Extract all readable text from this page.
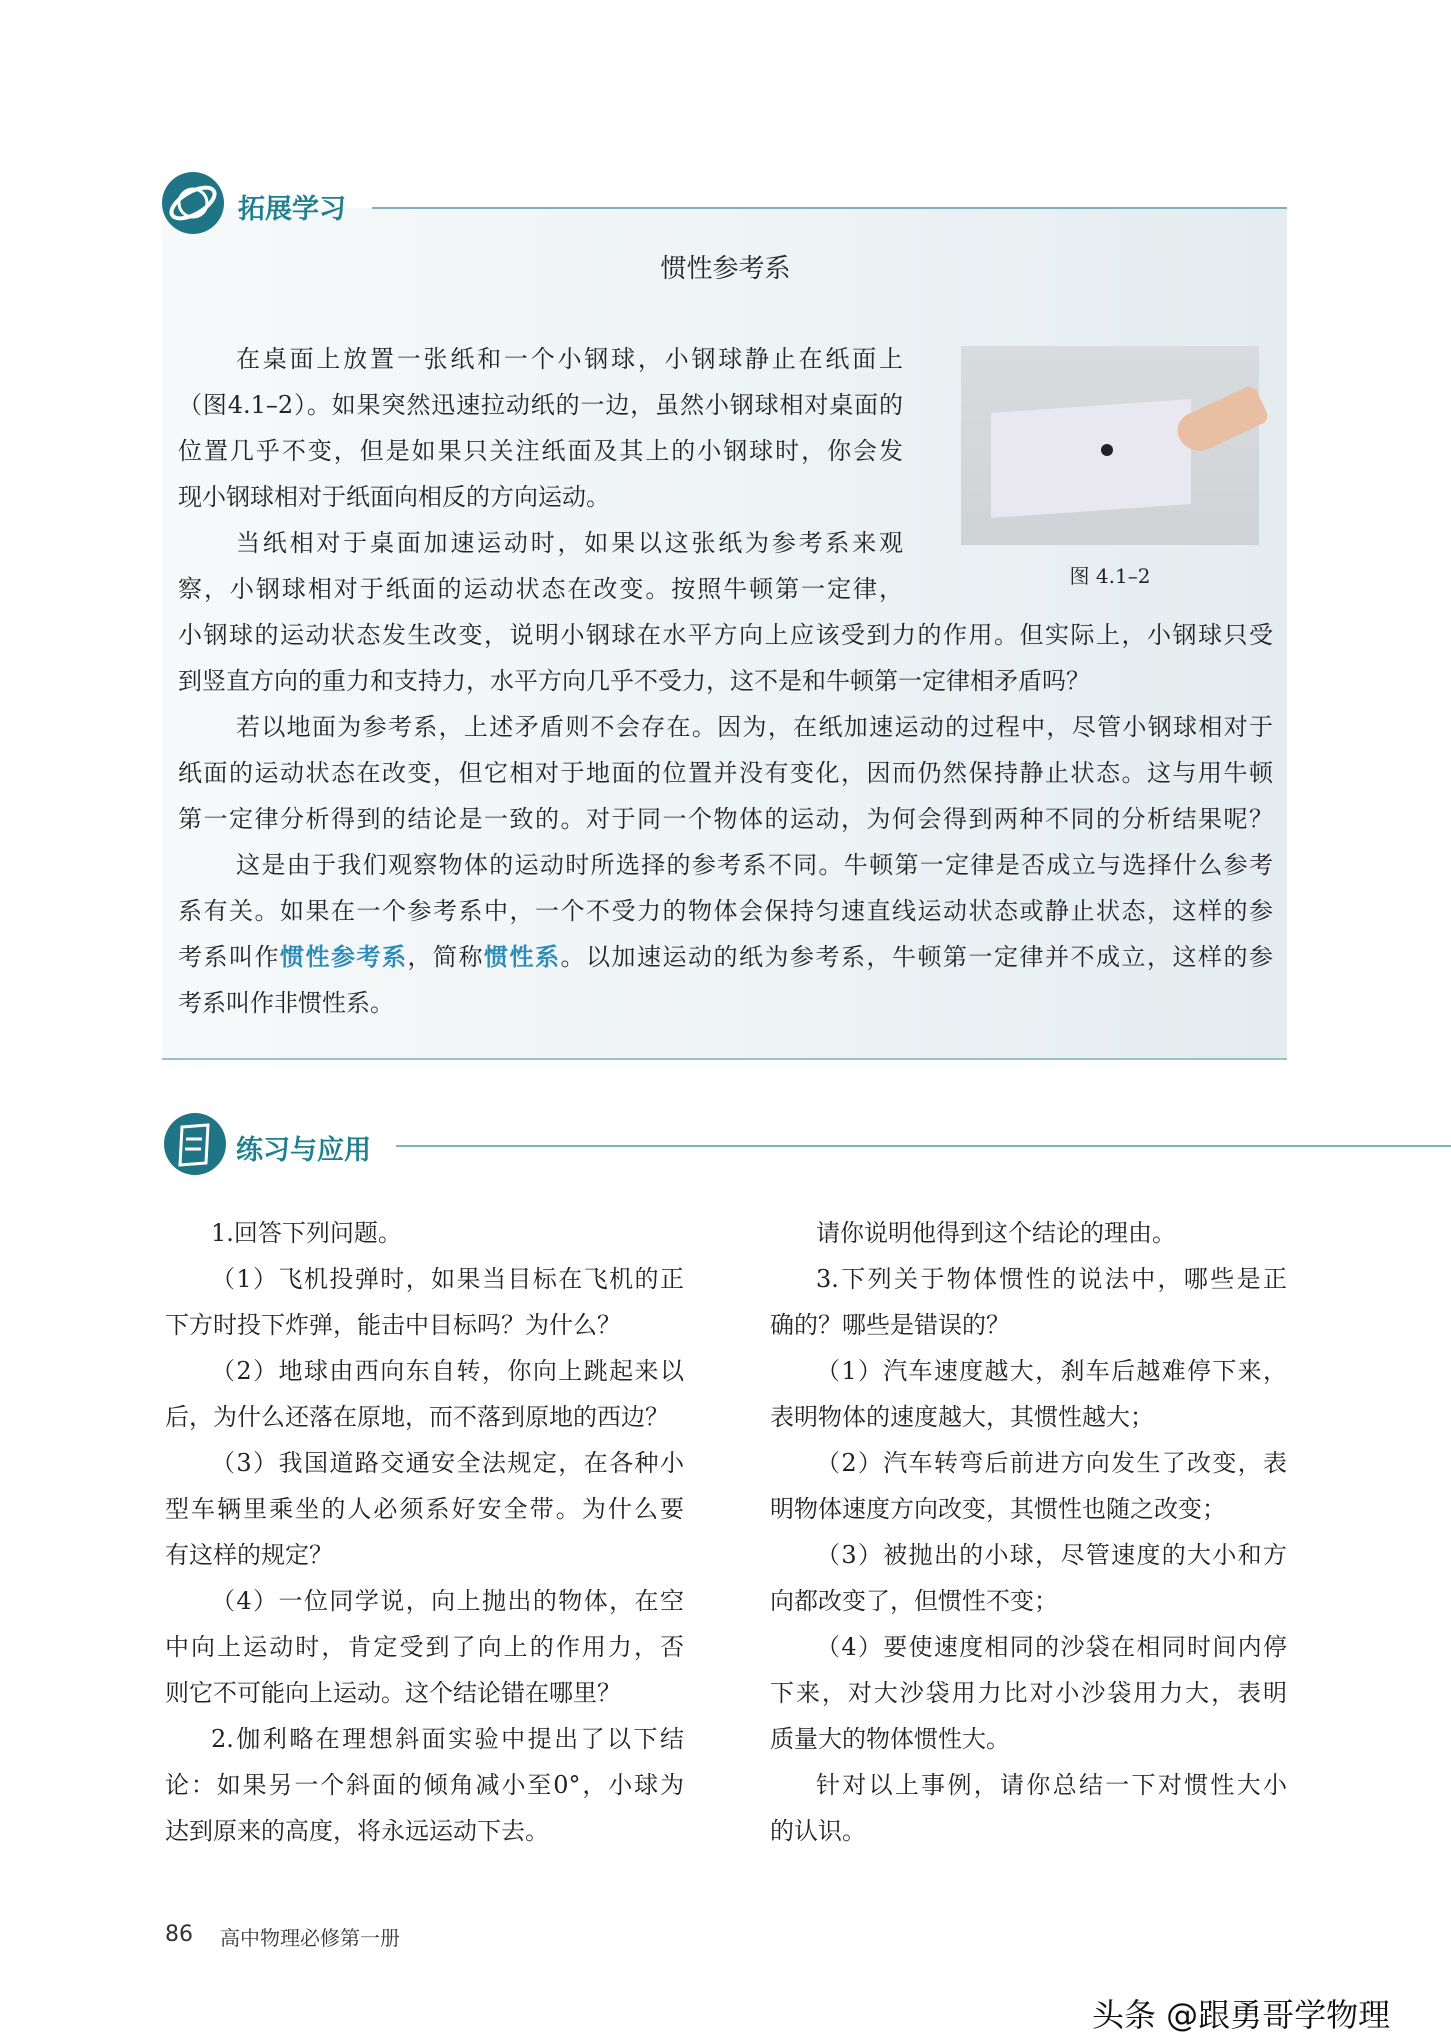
拓展学习
惯性参考系
图 4.1–2
在桌面上放置一张纸和一个小钢球，小钢球静止在纸面上
（图4.1–2）。如果突然迅速拉动纸的一边，虽然小钢球相对桌面的
位置几乎不变，但是如果只关注纸面及其上的小钢球时，你会发
现小钢球相对于纸面向相反的方向运动。
当纸相对于桌面加速运动时，如果以这张纸为参考系来观
察，小钢球相对于纸面的运动状态在改变。按照牛顿第一定律，
小钢球的运动状态发生改变，说明小钢球在水平方向上应该受到力的作用。但实际上，小钢球只受
到竖直方向的重力和支持力，水平方向几乎不受力，这不是和牛顿第一定律相矛盾吗？
若以地面为参考系，上述矛盾则不会存在。因为，在纸加速运动的过程中，尽管小钢球相对于
纸面的运动状态在改变，但它相对于地面的位置并没有变化，因而仍然保持静止状态。这与用牛顿
第一定律分析得到的结论是一致的。对于同一个物体的运动，为何会得到两种不同的分析结果呢？
这是由于我们观察物体的运动时所选择的参考系不同。牛顿第一定律是否成立与选择什么参考
系有关。如果在一个参考系中，一个不受力的物体会保持匀速直线运动状态或静止状态，这样的参
考系叫作惯性参考系，简称惯性系。以加速运动的纸为参考系，牛顿第一定律并不成立，这样的参
考系叫作非惯性系。
练习与应用
1.回答下列问题。
（1）飞机投弹时，如果当目标在飞机的正
下方时投下炸弹，能击中目标吗？为什么？
（2）地球由西向东自转，你向上跳起来以
后，为什么还落在原地，而不落到原地的西边？
（3）我国道路交通安全法规定，在各种小
型车辆里乘坐的人必须系好安全带。为什么要
有这样的规定？
（4）一位同学说，向上抛出的物体，在空
中向上运动时，肯定受到了向上的作用力，否
则它不可能向上运动。这个结论错在哪里？
2.伽利略在理想斜面实验中提出了以下结
论：如果另一个斜面的倾角减小至0°，小球为
达到原来的高度，将永远运动下去。
请你说明他得到这个结论的理由。
3.下列关于物体惯性的说法中，哪些是正
确的？哪些是错误的？
（1）汽车速度越大，刹车后越难停下来，
表明物体的速度越大，其惯性越大；
（2）汽车转弯后前进方向发生了改变，表
明物体速度方向改变，其惯性也随之改变；
（3）被抛出的小球，尽管速度的大小和方
向都改变了，但惯性不变；
（4）要使速度相同的沙袋在相同时间内停
下来，对大沙袋用力比对小沙袋用力大，表明
质量大的物体惯性大。
针对以上事例，请你总结一下对惯性大小
的认识。
86 高中物理必修第一册
头条 @跟勇哥学物理
